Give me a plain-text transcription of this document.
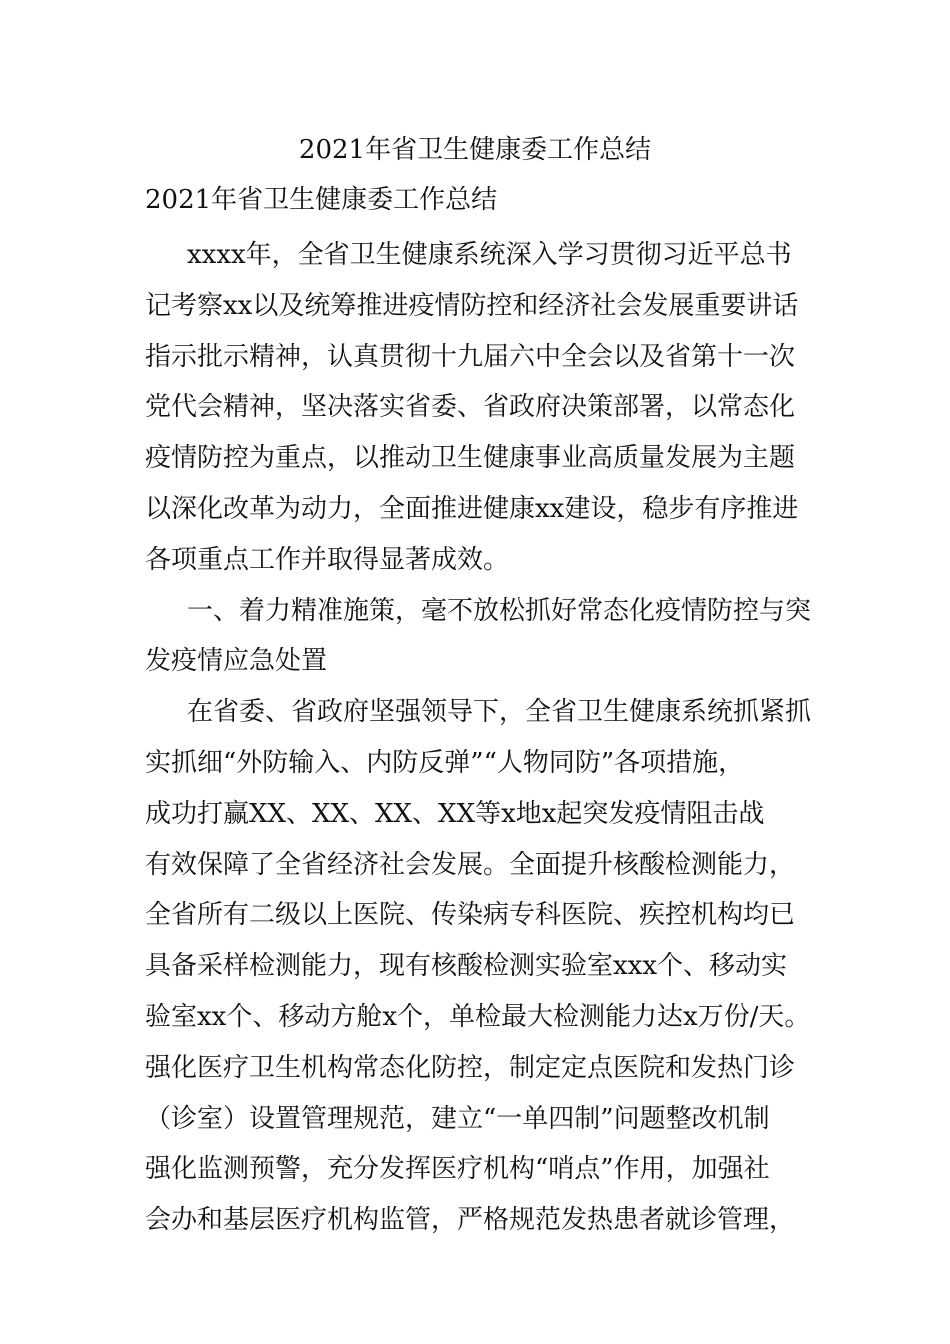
2021年省卫生健康委工作总结
2021年省卫生健康委工作总结
xxxx年，全省卫生健康系统深入学习贯彻习近平总书
记考察xx以及统筹推进疫情防控和经济社会发展重要讲话
指示批示精神，认真贯彻十九届六中全会以及省第十一次
党代会精神，坚决落实省委、省政府决策部署，以常态化
疫情防控为重点，以推动卫生健康事业高质量发展为主题
以深化改革为动力，全面推进健康xx建设，稳步有序推进
各项重点工作并取得显著成效。
一、着力精准施策，毫不放松抓好常态化疫情防控与突
发疫情应急处置
在省委、省政府坚强领导下，全省卫生健康系统抓紧抓
实抓细“外防输入、内防反弹”“人物同防”各项措施，
成功打赢XX、XX、XX、XX等x地x起突发疫情阻击战
有效保障了全省经济社会发展。全面提升核酸检测能力，
全省所有二级以上医院、传染病专科医院、疾控机构均已
具备采样检测能力，现有核酸检测实验室xxx个、移动实
验室xx个、移动方舱x个，单检最大检测能力达x万份/天。
强化医疗卫生机构常态化防控，制定定点医院和发热门诊
（诊室）设置管理规范，建立“一单四制”问题整改机制
强化监测预警，充分发挥医疗机构“哨点”作用，加强社
会办和基层医疗机构监管，严格规范发热患者就诊管理，
